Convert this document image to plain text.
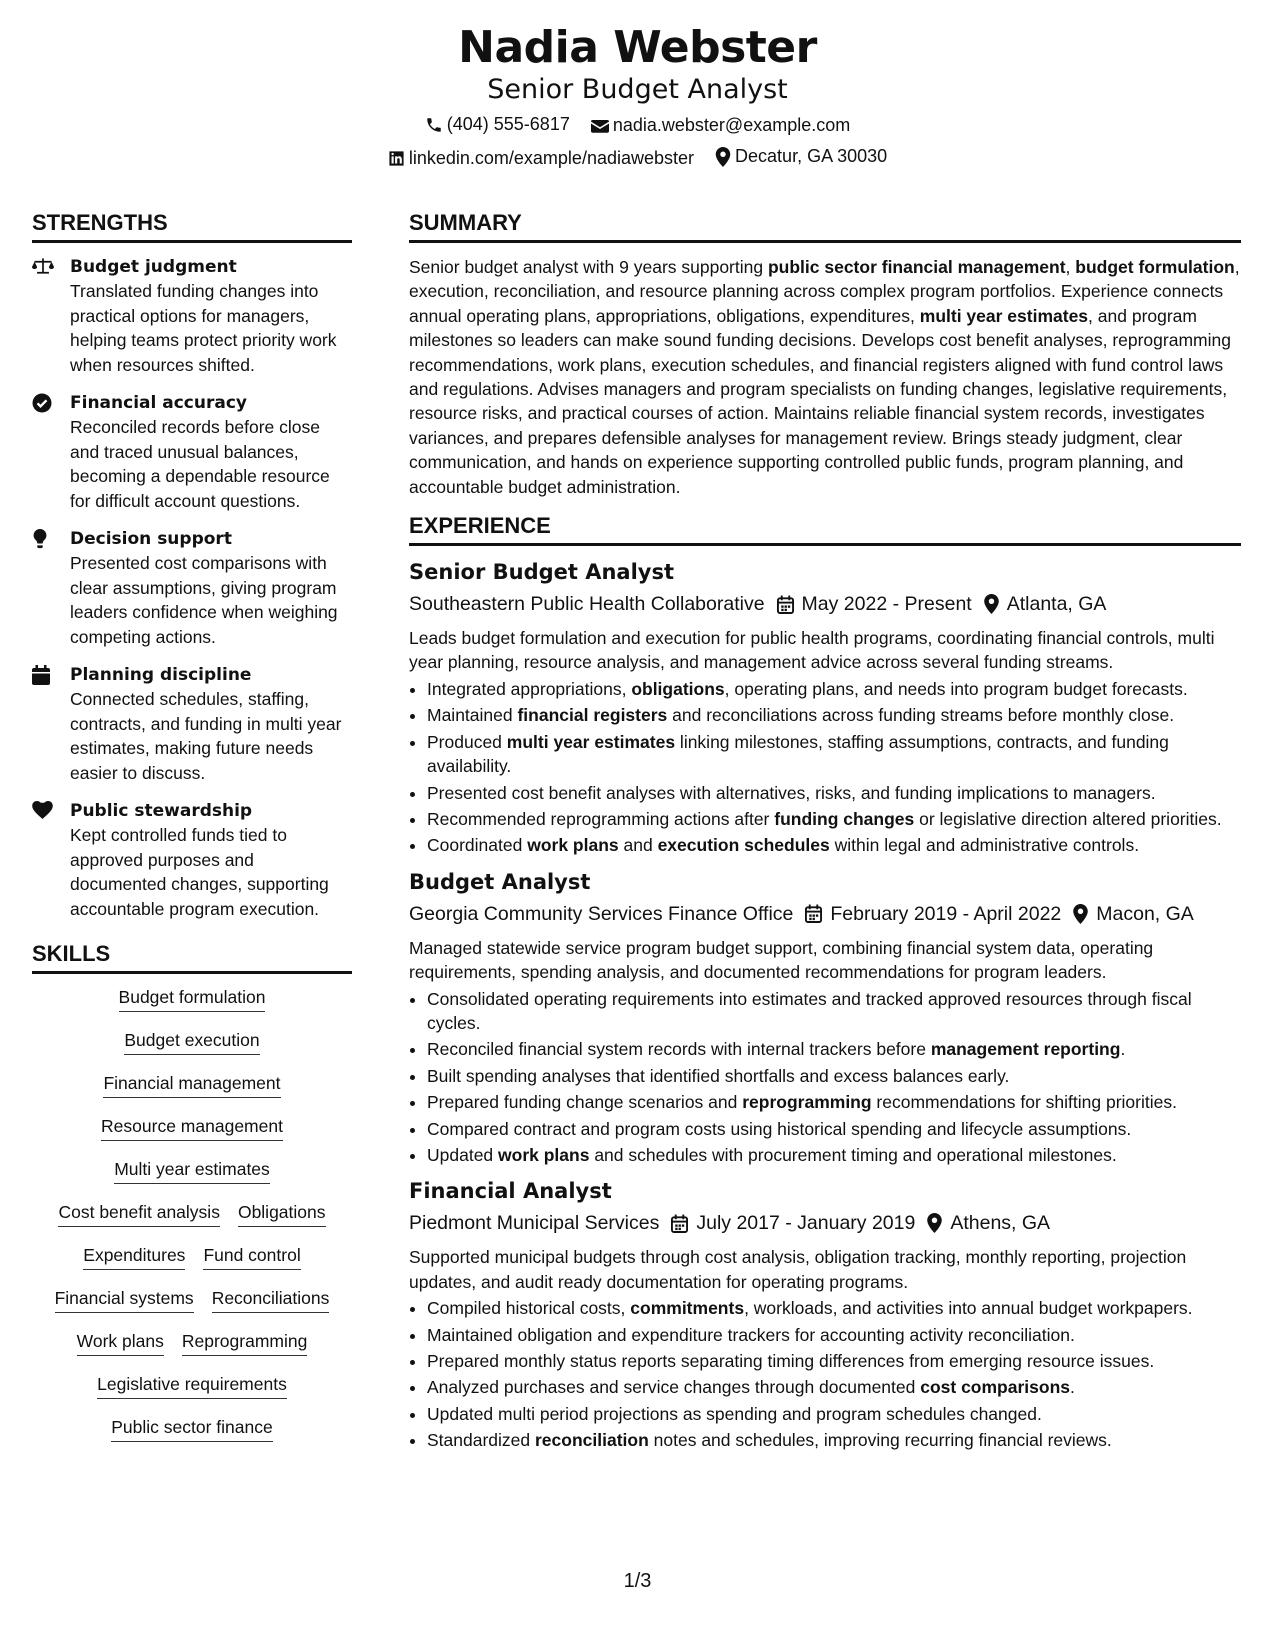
Nadia Webster
Senior Budget Analyst
(404) 555-6817
nadia.webster@example.com
linkedin.com/example/nadiawebster
Decatur, GA 30030
STRENGTHS
Budget judgment
Translated funding changes into practical options for managers, helping teams protect priority work when resources shifted.
Financial accuracy
Reconciled records before close and traced unusual balances, becoming a dependable resource for difficult account questions.
Decision support
Presented cost comparisons with clear assumptions, giving program leaders confidence when weighing competing actions.
Planning discipline
Connected schedules, staffing, contracts, and funding in multi year estimates, making future needs easier to discuss.
Public stewardship
Kept controlled funds tied to approved purposes and documented changes, supporting accountable program execution.
SKILLS
Budget formulation
Budget execution
Financial management
Resource management
Multi year estimates
Cost benefit analysis Obligations
Expenditures Fund control
Financial systems Reconciliations
Work plans Reprogramming
Legislative requirements
Public sector finance
SUMMARY
Senior budget analyst with 9 years supporting public sector financial management, budget formulation, execution, reconciliation, and resource planning across complex program portfolios. Experience connects annual operating plans, appropriations, obligations, expenditures, multi year estimates, and program milestones so leaders can make sound funding decisions. Develops cost benefit analyses, reprogramming recommendations, work plans, execution schedules, and financial registers aligned with fund control laws and regulations. Advises managers and program specialists on funding changes, legislative requirements, resource risks, and practical courses of action. Maintains reliable financial system records, investigates variances, and prepares defensible analyses for management review. Brings steady judgment, clear communication, and hands on experience supporting controlled public funds, program planning, and accountable budget administration.
EXPERIENCE
Senior Budget Analyst
Southeastern Public Health Collaborative May 2022 - Present Atlanta, GA
Leads budget formulation and execution for public health programs, coordinating financial controls, multi year planning, resource analysis, and management advice across several funding streams.
• Integrated appropriations, obligations, operating plans, and needs into program budget forecasts.
• Maintained financial registers and reconciliations across funding streams before monthly close.
• Produced multi year estimates linking milestones, staffing assumptions, contracts, and funding availability.
• Presented cost benefit analyses with alternatives, risks, and funding implications to managers.
• Recommended reprogramming actions after funding changes or legislative direction altered priorities.
• Coordinated work plans and execution schedules within legal and administrative controls.
Budget Analyst
Georgia Community Services Finance Office February 2019 - April 2022 Macon, GA
Managed statewide service program budget support, combining financial system data, operating requirements, spending analysis, and documented recommendations for program leaders.
• Consolidated operating requirements into estimates and tracked approved resources through fiscal cycles.
• Reconciled financial system records with internal trackers before management reporting.
• Built spending analyses that identified shortfalls and excess balances early.
• Prepared funding change scenarios and reprogramming recommendations for shifting priorities.
• Compared contract and program costs using historical spending and lifecycle assumptions.
• Updated work plans and schedules with procurement timing and operational milestones.
Financial Analyst
Piedmont Municipal Services July 2017 - January 2019 Athens, GA
Supported municipal budgets through cost analysis, obligation tracking, monthly reporting, projection updates, and audit ready documentation for operating programs.
• Compiled historical costs, commitments, workloads, and activities into annual budget workpapers.
• Maintained obligation and expenditure trackers for accounting activity reconciliation.
• Prepared monthly status reports separating timing differences from emerging resource issues.
• Analyzed purchases and service changes through documented cost comparisons.
• Updated multi period projections as spending and program schedules changed.
• Standardized reconciliation notes and schedules, improving recurring financial reviews.
1/3
